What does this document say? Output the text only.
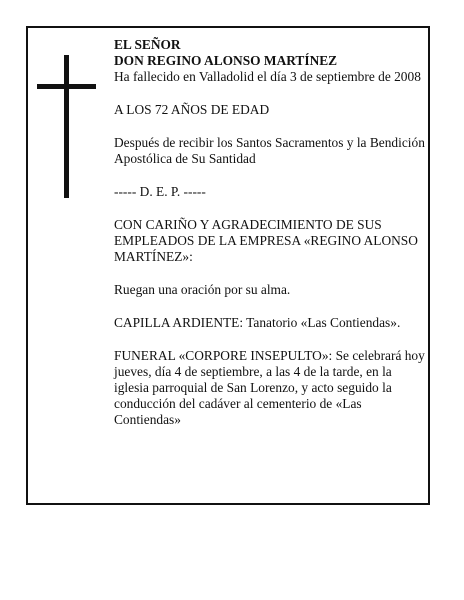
EL SEÑOR

DON REGINO ALONSO MARTÍNEZ

Ha fallecido en Valladolid el día 3 de septiembre de 2008

A LOS 72 AÑOS DE EDAD

Después de recibir los Santos Sacramentos y la Bendición Apostólica de Su Santidad

----- D. E. P. -----

CON CARIÑO Y AGRADECIMIENTO DE SUS EMPLEADOS DE LA EMPRESA «REGINO ALONSO MARTÍNEZ»:

Ruegan una oración por su alma.

CAPILLA ARDIENTE: Tanatorio «Las Contiendas».

FUNERAL «CORPORE INSEPULTO»: Se celebrará hoy jueves, día 4 de septiembre, a las 4 de la tarde, en la iglesia parroquial de San Lorenzo, y acto seguido la conducción del cadáver al cementerio de «Las Contiendas»
